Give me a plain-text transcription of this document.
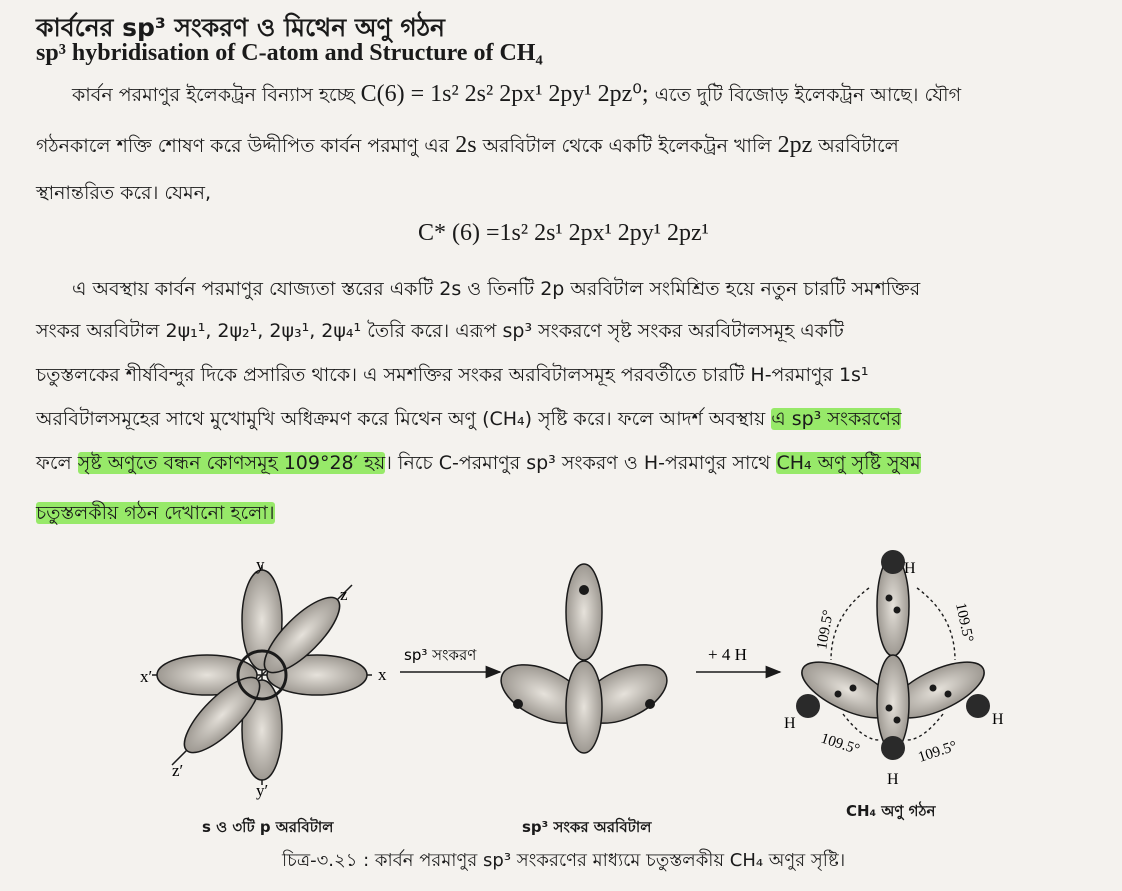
কার্বনের sp³ সংকরণ ও মিথেন অণু গঠন
sp³ hybridisation of C-atom and Structure of CH₄
কার্বন পরমাণুর ইলেকট্রন বিন্যাস হচ্ছে C(6) = 1s² 2s² 2px¹ 2py¹ 2pz⁰; এতে দুটি বিজোড় ইলেকট্রন আছে। যৌগ
গঠনকালে শক্তি শোষণ করে উদ্দীপিত কার্বন পরমাণু এর 2s অরবিটাল থেকে একটি ইলেকট্রন খালি 2pz অরবিটালে
স্থানান্তরিত করে। যেমন,
C* (6) =1s² 2s¹ 2px¹ 2py¹ 2pz¹
এ অবস্থায় কার্বন পরমাণুর যোজ্যতা স্তরের একটি 2s ও তিনটি 2p অরবিটাল সংমিশ্রিত হয়ে নতুন চারটি সমশক্তির
সংকর অরবিটাল 2ψ₁¹, 2ψ₂¹, 2ψ₃¹, 2ψ₄¹ তৈরি করে। এরূপ sp³ সংকরণে সৃষ্ট সংকর অরবিটালসমূহ একটি
চতুস্তলকের শীর্ষবিন্দুর দিকে প্রসারিত থাকে। এ সমশক্তির সংকর অরবিটালসমূহ পরবর্তীতে চারটি H-পরমাণুর 1s¹
অরবিটালসমূহের সাথে মুখোমুখি অধিক্রমণ করে মিথেন অণু (CH₄) সৃষ্টি করে। ফলে আদর্শ অবস্থায় এ sp³ সংকরণের
ফলে সৃষ্ট অণুতে বন্ধন কোণসমূহ 109°28′ হয়। নিচে C-পরমাণুর sp³ সংকরণ ও H-পরমাণুর সাথে CH₄ অণু সৃষ্টি সুষম
চতুস্তলকীয় গঠন দেখানো হলো।
y
y′
x
x′
z
z′
sp³ সংকরণ	+ 4 H
H
H	H
H
109.5°	109.5°
109.5°	109.5°
s ও ৩টি p অরবিটাল	sp³ সংকর অরবিটাল
CH₄ অণু গঠন
চিত্র-৩.২১ : কার্বন পরমাণুর sp³ সংকরণের মাধ্যমে চতুস্তলকীয় CH₄ অণুর সৃষ্টি।
